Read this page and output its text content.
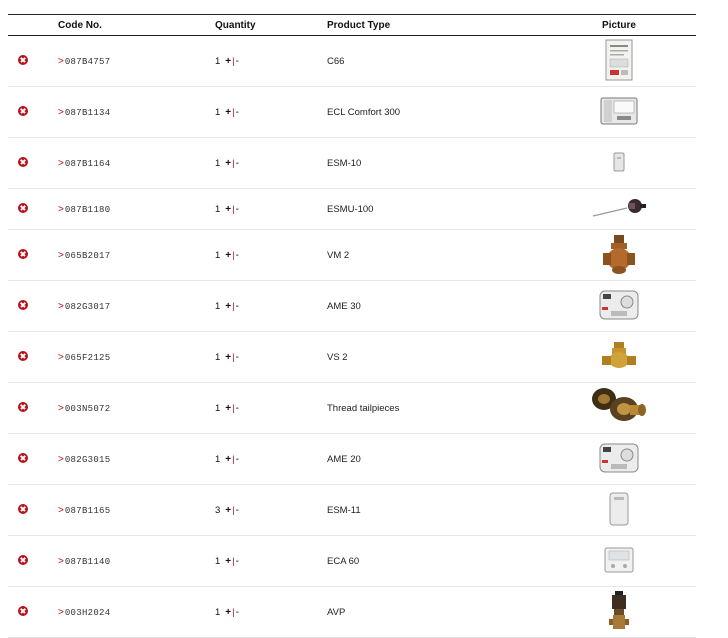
	Code No.	Quantity	Product Type	Picture
	>087B4757	1 +|-	C66	

	>087B1134	1 +|-	ECL Comfort 300	

	>087B1164	1 +|-	ESM-10	

	>087B1180	1 +|-	ESMU-100	

	>065B2017	1 +|-	VM 2	

	>082G3017	1 +|-	AME 30	

	>065F2125	1 +|-	VS 2	

	>003N5072	1 +|-	Thread tailpieces	

	>082G3015	1 +|-	AME 20	

	>087B1165	3 +|-	ESM-11	

	>087B1140	1 +|-	ECA 60	

	>003H2024	1 +|-	AVP	
